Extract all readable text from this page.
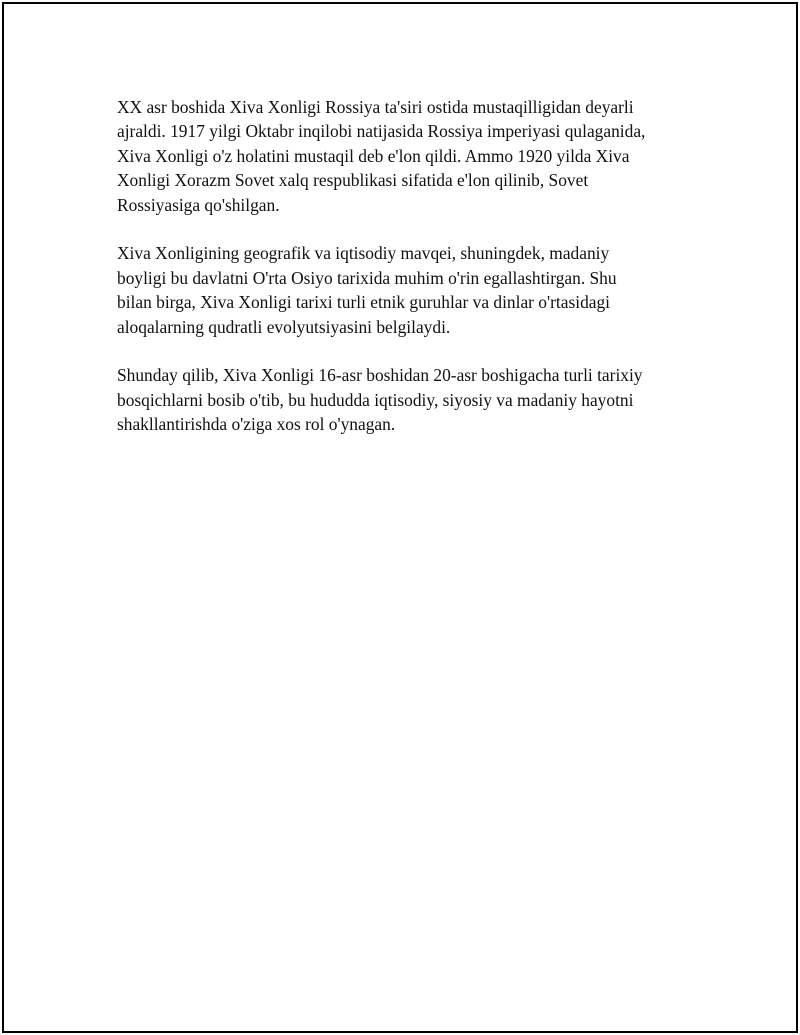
XX asr boshida Xiva Xonligi Rossiya ta'siri ostida mustaqilligidan deyarli
ajraldi. 1917 yilgi Oktabr inqilobi natijasida Rossiya imperiyasi qulaganida,
Xiva Xonligi o'z holatini mustaqil deb e'lon qildi. Ammo 1920 yilda Xiva
Xonligi Xorazm Sovet xalq respublikasi sifatida e'lon qilinib, Sovet
Rossiyasiga qo'shilgan.

Xiva Xonligining geografik va iqtisodiy mavqei, shuningdek, madaniy
boyligi bu davlatni O'rta Osiyo tarixida muhim o'rin egallashtirgan. Shu
bilan birga, Xiva Xonligi tarixi turli etnik guruhlar va dinlar o'rtasidagi
aloqalarning qudratli evolyutsiyasini belgilaydi.

Shunday qilib, Xiva Xonligi 16-asr boshidan 20-asr boshigacha turli tarixiy
bosqichlarni bosib o'tib, bu hududda iqtisodiy, siyosiy va madaniy hayotni
shakllantirishda o'ziga xos rol o'ynagan.
